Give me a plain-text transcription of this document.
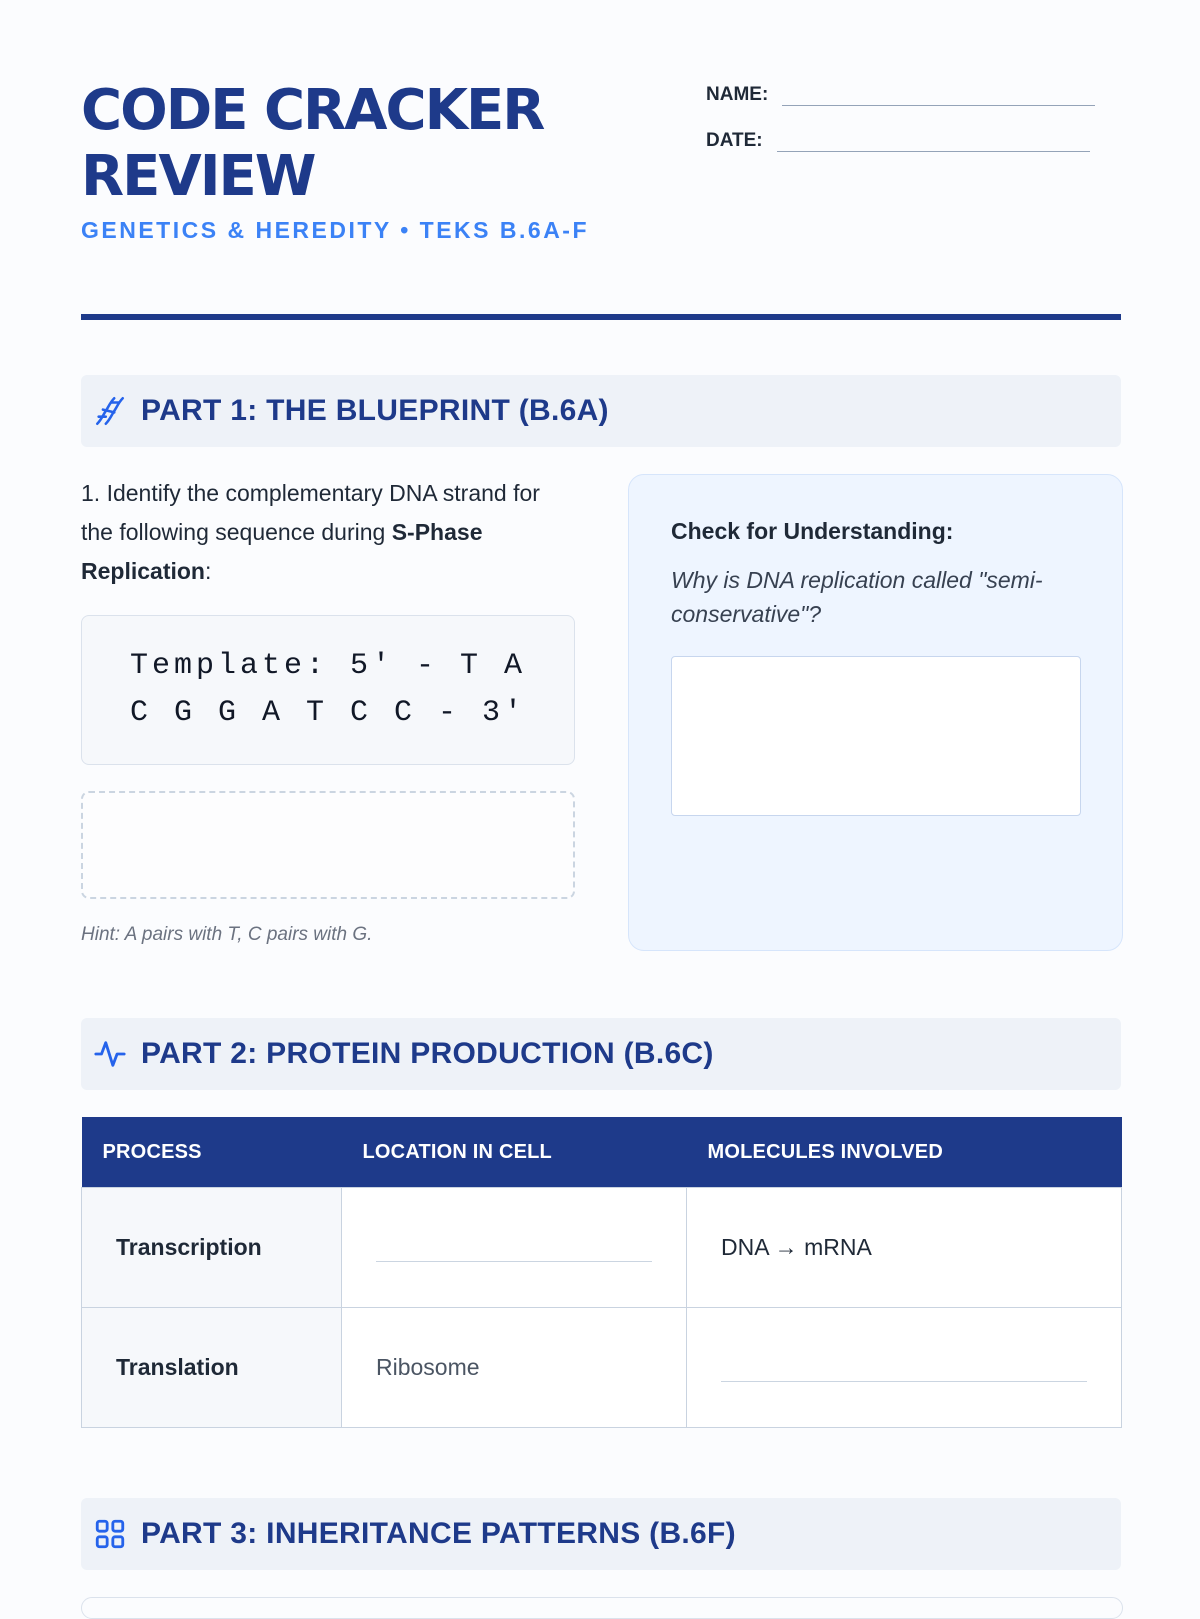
CODE CRACKER REVIEW
GENETICS & HEREDITY • TEKS B.6A-F
NAME:
DATE:
PART 1: THE BLUEPRINT (B.6A)
1. Identify the complementary DNA strand for the following sequence during S-Phase Replication:
Template: 5' - T A C G G A T C C - 3'
Hint: A pairs with T, C pairs with G.
Check for Understanding:
Why is DNA replication called "semi-conservative"?
PART 2: PROTEIN PRODUCTION (B.6C)
PROCESS	LOCATION IN CELL	MOLECULES INVOLVED
Transcription		DNA → mRNA
Translation	Ribosome	
PART 3: INHERITANCE PATTERNS (B.6F)
